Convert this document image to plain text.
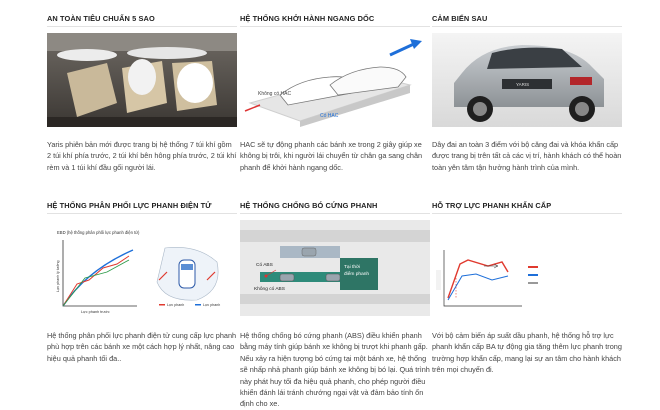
AN TOÀN TIÊU CHUẨN 5 SAO

Yaris phiên bản mới được trang bị hệ thống 7 túi khí gồm 2 túi khí phía trước, 2 túi khí bên hông phía trước, 2 túi khí rèm và 1 túi khí đầu gối người lái.

HỆ THỐNG KHỞI HÀNH NGANG DỐC
Không có HAC
Có HAC

HAC sẽ tự động phanh các bánh xe trong 2 giây giúp xe không bị trôi, khi người lái chuyển từ chân ga sang chân phanh để khởi hành ngang dốc.

CẢM BIẾN SAU
YARIS

Dây đai an toàn 3 điểm với bộ căng đai và khóa khẩn cấp được trang bị trên tất cả các vị trí, hành khách có thể hoàn toàn yên tâm tận hưởng hành trình của mình.

HỆ THỐNG PHÂN PHỐI LỰC PHANH ĐIỆN TỬ
EBD (hệ thống phân phối lực phanh điện tử)
Lực phanh lý tưởng
Lực phanh trước
Lực phanh	Lực phanh

Hệ thống phân phối lực phanh điện tử cung cấp lực phanh phù hợp trên các bánh xe một cách hợp lý nhất, nâng cao hiệu quả phanh tối đa..

HỆ THỐNG CHỐNG BÓ CỨNG PHANH
Có ABS
Không có ABS
Tại thời
điểm phanh

Hệ thống chống bó cứng phanh (ABS) điều khiển phanh bằng máy tính giúp bánh xe không bị trượt khi phanh gấp. Nếu xảy ra hiện tượng bó cứng tại một bánh xe, hệ thống sẽ nhấp nhả phanh giúp bánh xe không bị bó lại. Quá trình này phát huy tối đa hiệu quả phanh, cho phép người điều khiển đánh lái tránh chướng ngại vật và đảm bảo tính ổn định cho xe.

HỖ TRỢ LỰC PHANH KHẨN CẤP

Với bộ cảm biến áp suất dầu phanh, hệ thống hỗ trợ lực phanh khẩn cấp BA tự động gia tăng thêm lực phanh trong trường hợp khẩn cấp, mang lại sự an tâm cho hành khách trên mọi chuyến đi.
